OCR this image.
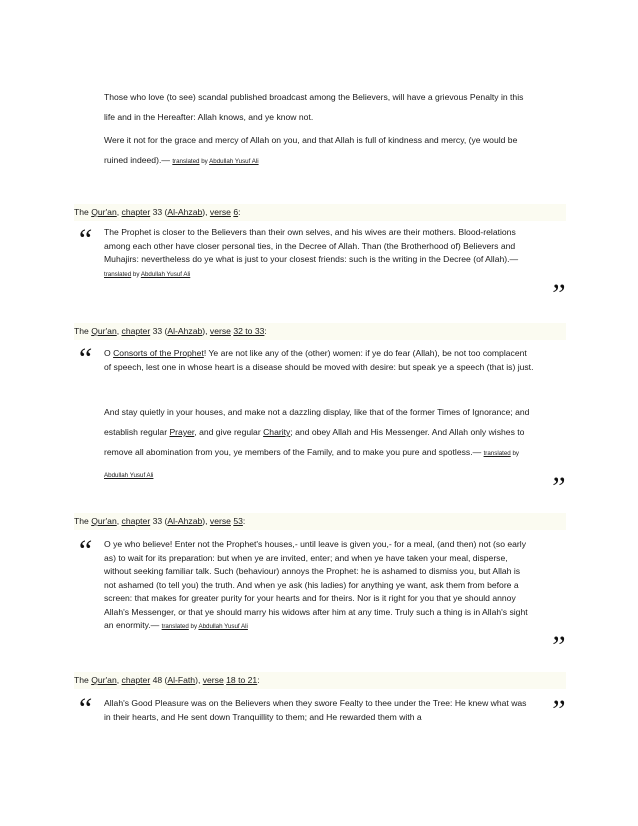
Those who love (to see) scandal published broadcast among the Believers, will have a grievous Penalty in this life and in the Hereafter: Allah knows, and ye know not.
Were it not for the grace and mercy of Allah on you, and that Allah is full of kindness and mercy, (ye would be ruined indeed).— translated by Abdullah Yusuf Ali
The Qur'an, chapter 33 (Al-Ahzab), verse 6:
“ The Prophet is closer to the Believers than their own selves, and his wives are their mothers. Blood-relations among each other have closer personal ties, in the Decree of Allah. Than (the Brotherhood of) Believers and Muhajirs: nevertheless do ye what is just to your closest friends: such is the writing in the Decree (of Allah).— translated by Abdullah Yusuf Ali
”
The Qur'an, chapter 33 (Al-Ahzab), verse 32 to 33:
“ O Consorts of the Prophet! Ye are not like any of the (other) women: if ye do fear (Allah), be not too complacent of speech, lest one in whose heart is a disease should be moved with desire: but speak ye a speech (that is) just.
And stay quietly in your houses, and make not a dazzling display, like that of the former Times of Ignorance; and establish regular Prayer, and give regular Charity; and obey Allah and His Messenger. And Allah only wishes to remove all abomination from you, ye members of the Family, and to make you pure and spotless.— translated by Abdullah Yusuf Ali	”
The Qur'an, chapter 33 (Al-Ahzab), verse 53:
“ O ye who believe! Enter not the Prophet's houses,- until leave is given you,- for a meal, (and then) not (so early as) to wait for its preparation: but when ye are invited, enter; and when ye have taken your meal, disperse, without seeking familiar talk. Such (behaviour) annoys the Prophet: he is ashamed to dismiss you, but Allah is not ashamed (to tell you) the truth. And when ye ask (his ladies) for anything ye want, ask them from before a screen: that makes for greater purity for your hearts and for theirs. Nor is it right for you that ye should annoy Allah's Messenger, or that ye should marry his widows after him at any time. Truly such a thing is in Allah's sight an enormity.— translated by Abdullah Yusuf Ali
”
The Qur'an, chapter 48 (Al-Fath), verse 18 to 21:
“ Allah's Good Pleasure was on the Believers when they swore Fealty to thee under the Tree: He knew what was in their hearts, and He sent down Tranquillity to them; and He rewarded them with a	”
